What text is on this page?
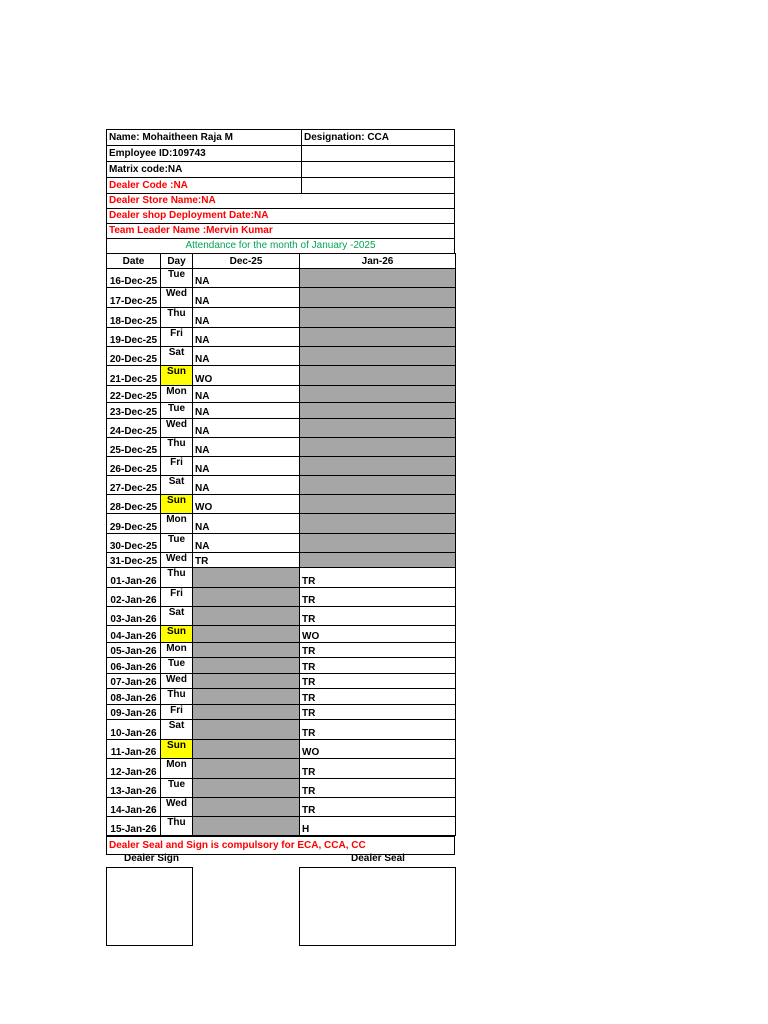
Name: Mohaitheen Raja M	Designation: CCA
Employee ID:109743
Matrix code:NA
Dealer Code :NA
Dealer Store Name:NA
Dealer shop Deployment Date:NA
Team Leader Name :Mervin Kumar
Attendance for the month of January -2025
Date	Day	Dec-25	Jan-26
16-Dec-25	Tue	NA	
17-Dec-25	Wed	NA	
18-Dec-25	Thu	NA	
19-Dec-25	Fri	NA	
20-Dec-25	Sat	NA	
21-Dec-25	Sun	WO	
22-Dec-25	Mon	NA	
23-Dec-25	Tue	NA	
24-Dec-25	Wed	NA	
25-Dec-25	Thu	NA	
26-Dec-25	Fri	NA	
27-Dec-25	Sat	NA	
28-Dec-25	Sun	WO	
29-Dec-25	Mon	NA	
30-Dec-25	Tue	NA	
31-Dec-25	Wed	TR	
01-Jan-26	Thu		TR
02-Jan-26	Fri		TR
03-Jan-26	Sat		TR
04-Jan-26	Sun		WO
05-Jan-26	Mon		TR
06-Jan-26	Tue		TR
07-Jan-26	Wed		TR
08-Jan-26	Thu		TR
09-Jan-26	Fri		TR
10-Jan-26	Sat		TR
11-Jan-26	Sun		WO
12-Jan-26	Mon		TR
13-Jan-26	Tue		TR
14-Jan-26	Wed		TR
15-Jan-26	Thu		H
Dealer Seal and Sign is compulsory for ECA, CCA, CC
Dealer Sign	Dealer Seal
